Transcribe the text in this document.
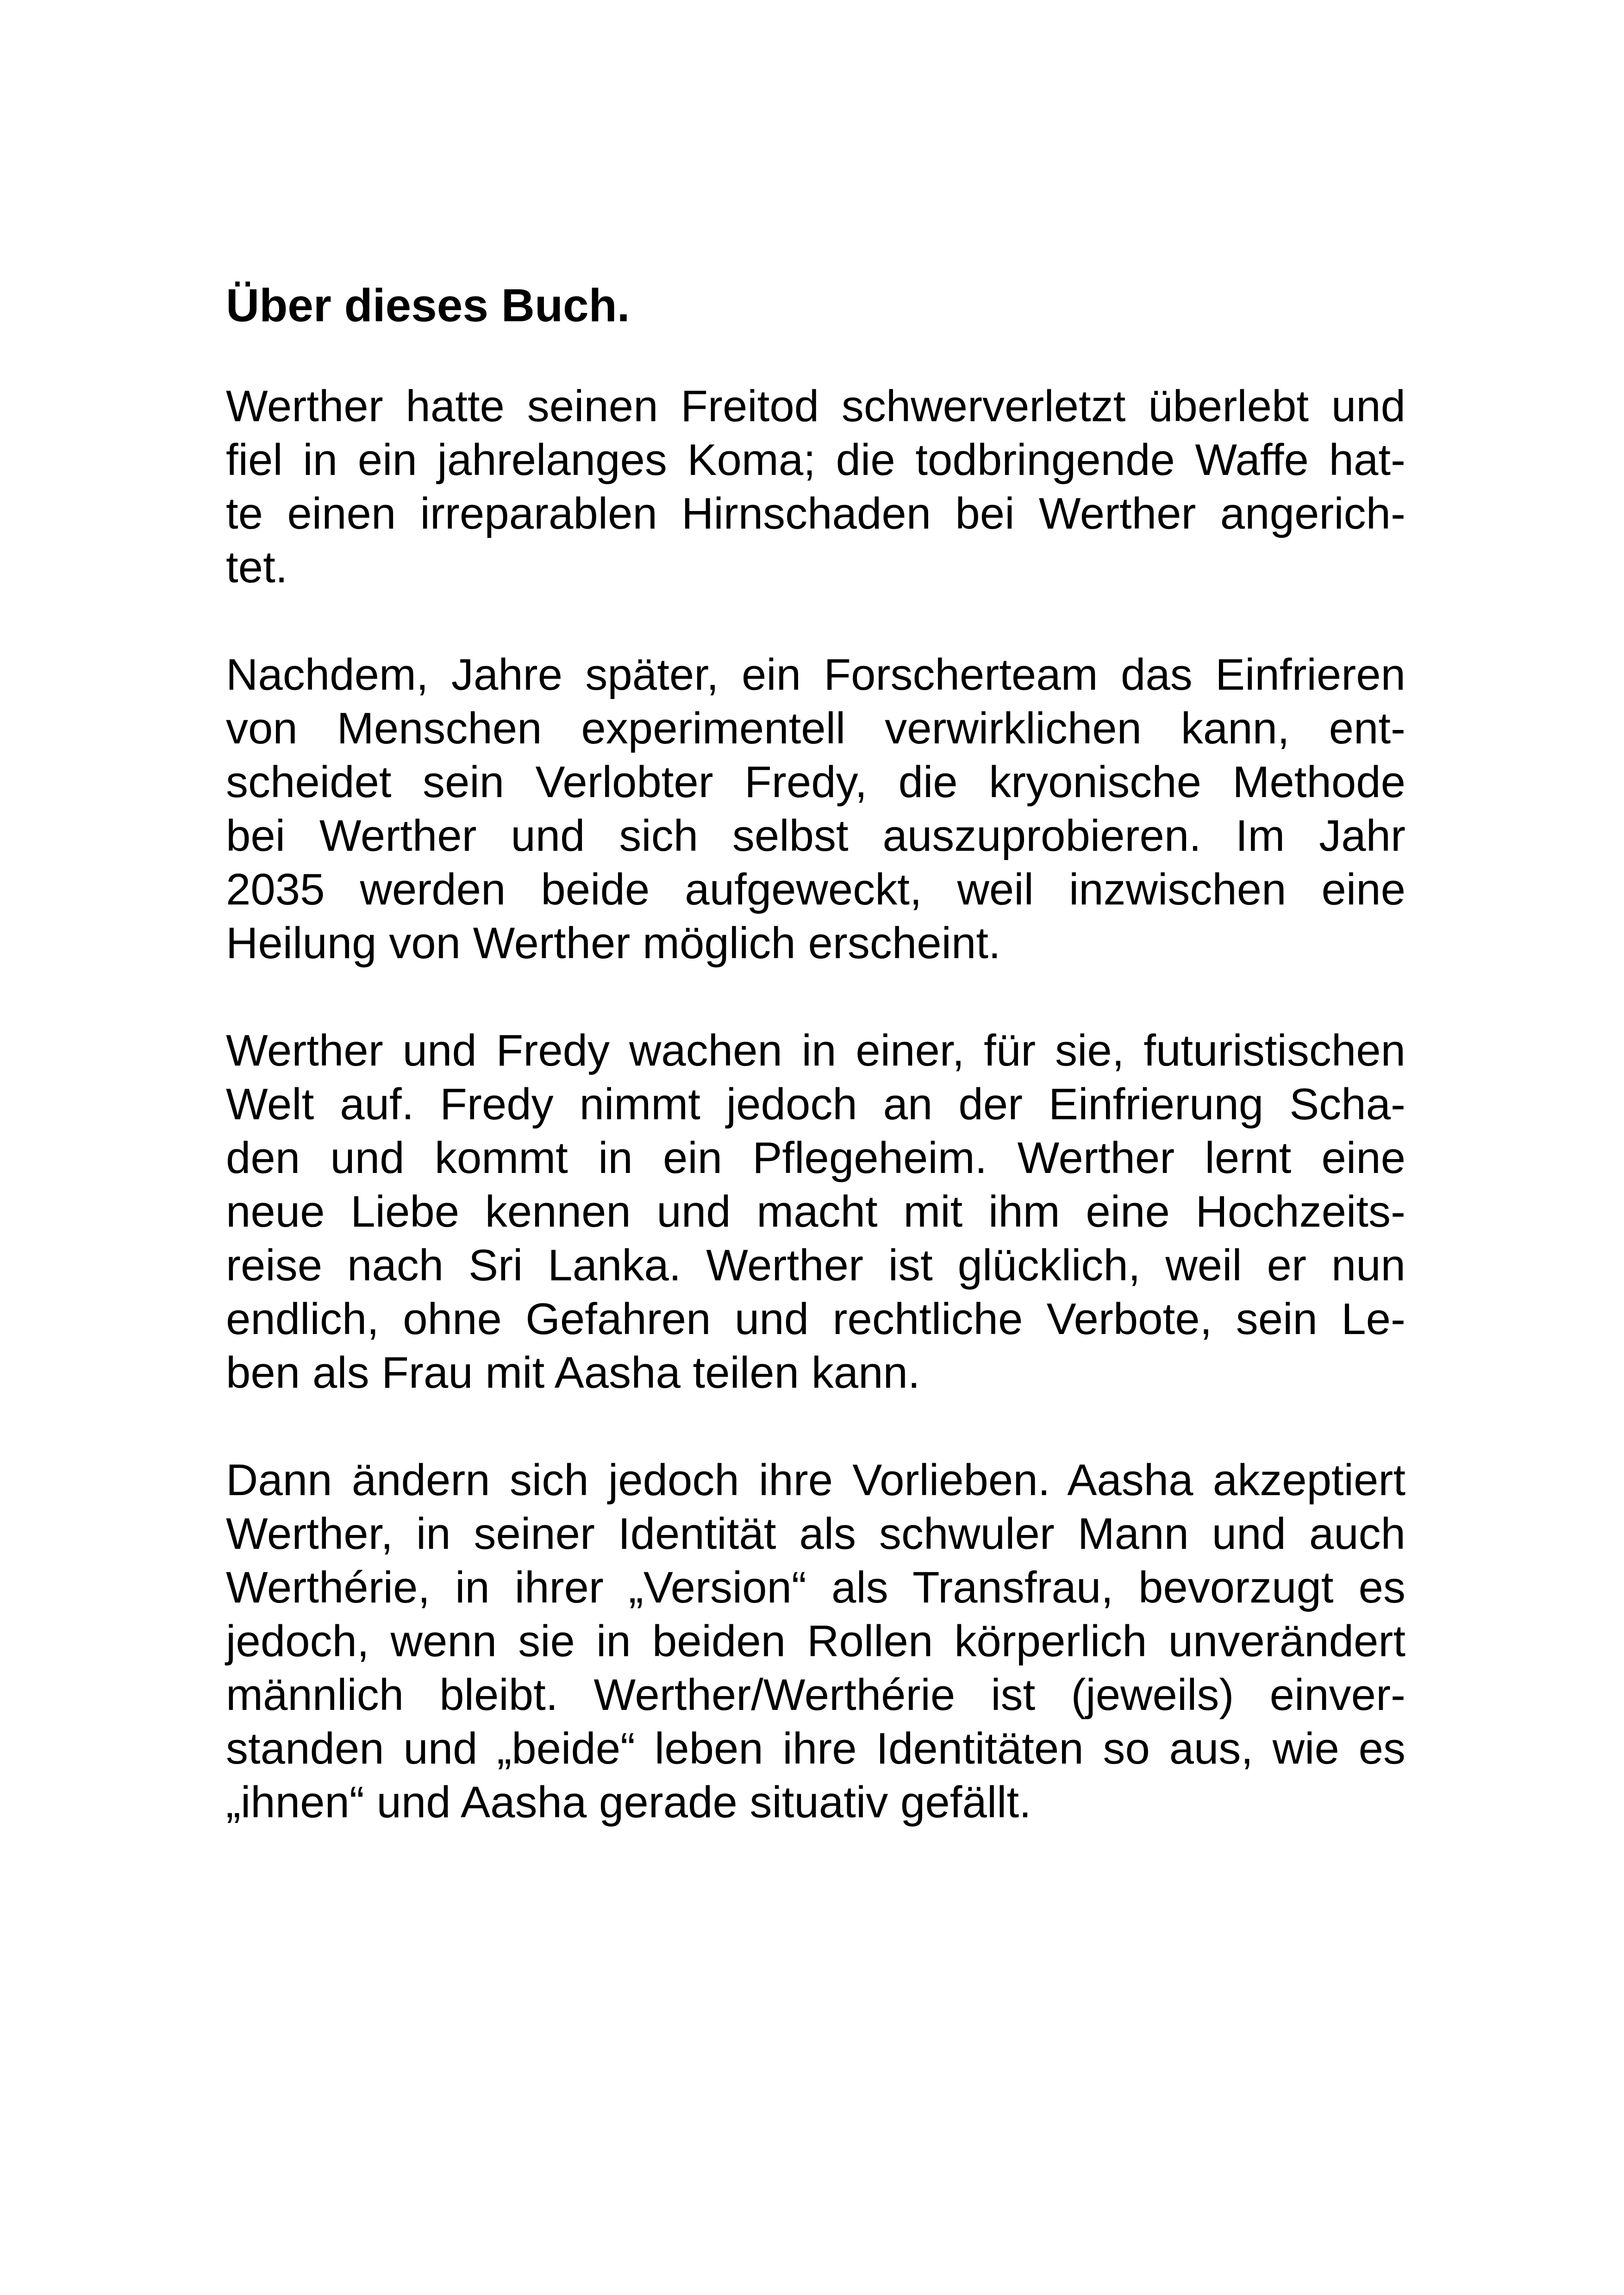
Über dieses Buch.
Werther hatte seinen Freitod schwerverletzt überlebt und
fiel in ein jahrelanges Koma; die todbringende Waffe hat-
te einen irreparablen Hirnschaden bei Werther angerich-
tet.
Nachdem, Jahre später, ein Forscherteam das Einfrieren
von Menschen experimentell verwirklichen kann, ent-
scheidet sein Verlobter Fredy, die kryonische Methode
bei Werther und sich selbst auszuprobieren. Im Jahr
2035 werden beide aufgeweckt, weil inzwischen eine
Heilung von Werther möglich erscheint.
Werther und Fredy wachen in einer, für sie, futuristischen
Welt auf. Fredy nimmt jedoch an der Einfrierung Scha-
den und kommt in ein Pflegeheim. Werther lernt eine
neue Liebe kennen und macht mit ihm eine Hochzeits-
reise nach Sri Lanka. Werther ist glücklich, weil er nun
endlich, ohne Gefahren und rechtliche Verbote, sein Le-
ben als Frau mit Aasha teilen kann.
Dann ändern sich jedoch ihre Vorlieben. Aasha akzeptiert
Werther, in seiner Identität als schwuler Mann und auch
Werthérie, in ihrer „Version“ als Transfrau, bevorzugt es
jedoch, wenn sie in beiden Rollen körperlich unverändert
männlich bleibt. Werther/Werthérie ist (jeweils) einver-
standen und „beide“ leben ihre Identitäten so aus, wie es
„ihnen“ und Aasha gerade situativ gefällt.
